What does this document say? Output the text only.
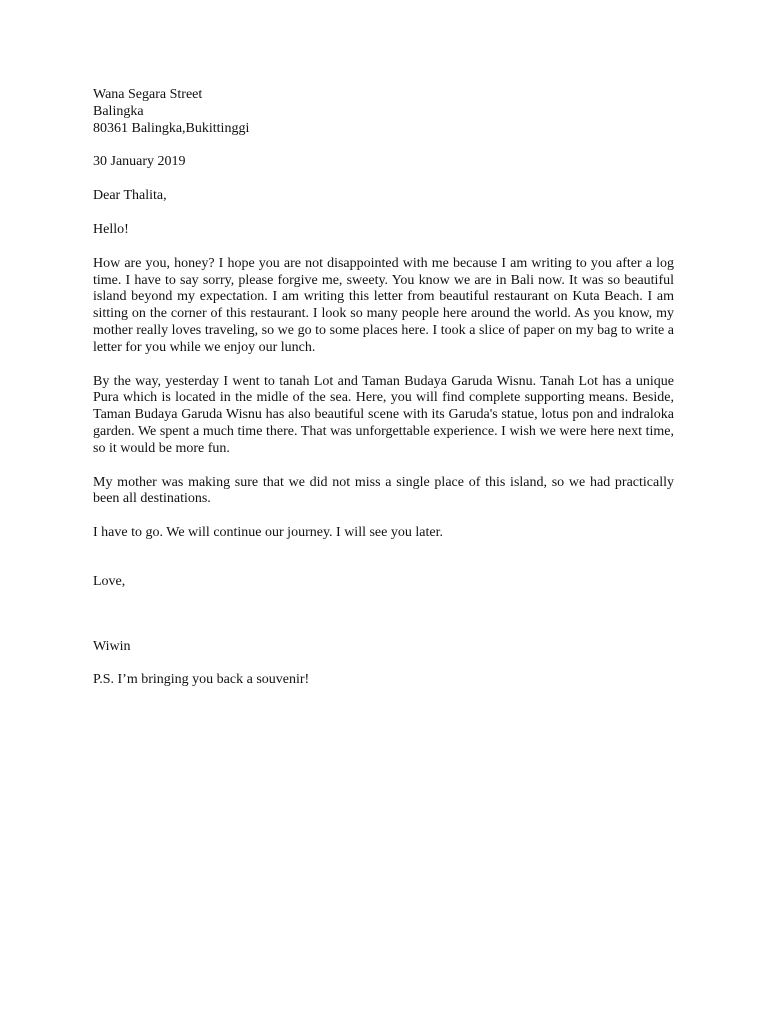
Wana Segara Street
Balingka
80361 Balingka,Bukittinggi
30 January 2019
Dear Thalita,
Hello!
How are you, honey? I hope you are not disappointed with me because I am writing to you after a log time. I have to say sorry, please forgive me, sweety. You know we are in Bali now. It was so beautiful island beyond my expectation. I am writing this letter from beautiful restaurant on Kuta Beach. I am sitting on the corner of this restaurant. I look so many people here around the world. As you know, my mother really loves traveling, so we go to some places here. I took a slice of paper on my bag to write a letter for you while we enjoy our lunch.
By the way, yesterday I went to tanah Lot and Taman Budaya Garuda Wisnu. Tanah Lot has a unique Pura which is located in the midle of the sea. Here, you will find complete supporting means. Beside, Taman Budaya Garuda Wisnu has also beautiful scene with its Garuda's statue, lotus pon and indraloka garden. We spent a much time there. That was unforgettable experience. I wish we were here next time, so it would be more fun.
My mother was making sure that we did not miss a single place of this island, so we had practically been all destinations.
I have to go. We will continue our journey. I will see you later.
Love,
Wiwin
P.S. I’m bringing you back a souvenir!
